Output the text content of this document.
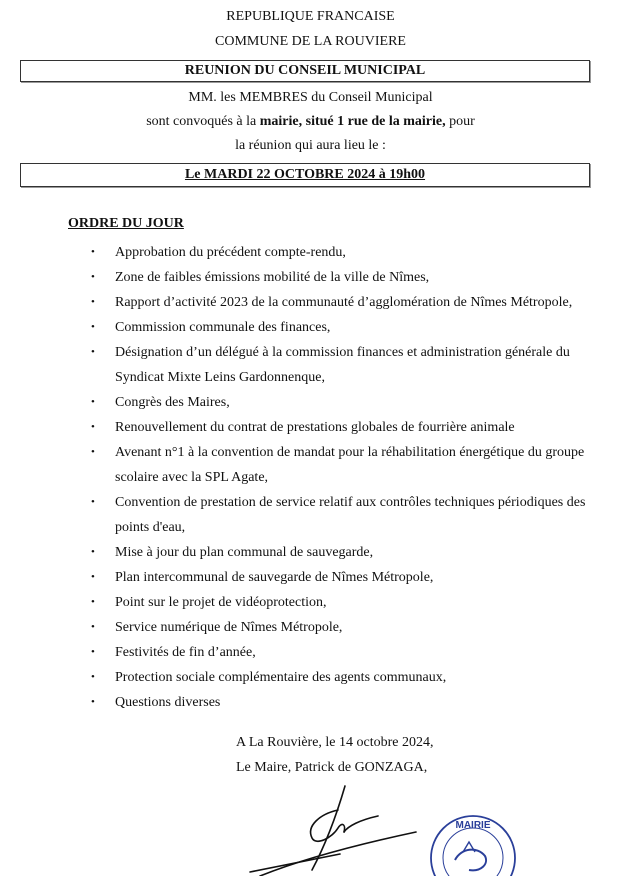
REPUBLIQUE FRANCAISE
COMMUNE DE LA ROUVIERE
REUNION DU CONSEIL MUNICIPAL
MM. les MEMBRES du Conseil Municipal
sont convoqués à la mairie, situé 1 rue de la mairie, pour
la réunion qui aura lieu le :
Le MARDI 22 OCTOBRE 2024 à 19h00
ORDRE DU JOUR
• Approbation du précédent compte-rendu,
• Zone de faibles émissions mobilité de la ville de Nîmes,
• Rapport d’activité 2023 de la communauté d’agglomération de Nîmes Métropole,
• Commission communale des finances,
• Désignation d’un délégué à la commission finances et administration générale du Syndicat Mixte Leins Gardonnenque,
• Congrès des Maires,
• Renouvellement du contrat de prestations globales de fourrière animale
• Avenant n°1 à la convention de mandat pour la réhabilitation énergétique du groupe scolaire avec la SPL Agate,
• Convention de prestation de service relatif aux contrôles techniques périodiques des points d'eau,
• Mise à jour du plan communal de sauvegarde,
• Plan intercommunal de sauvegarde de Nîmes Métropole,
• Point sur le projet de vidéoprotection,
• Service numérique de Nîmes Métropole,
• Festivités de fin d’année,
• Protection sociale complémentaire des agents communaux,
• Questions diverses
A La Rouvière, le 14 octobre 2024,
Le Maire, Patrick de GONZAGA,
MAIRIE
